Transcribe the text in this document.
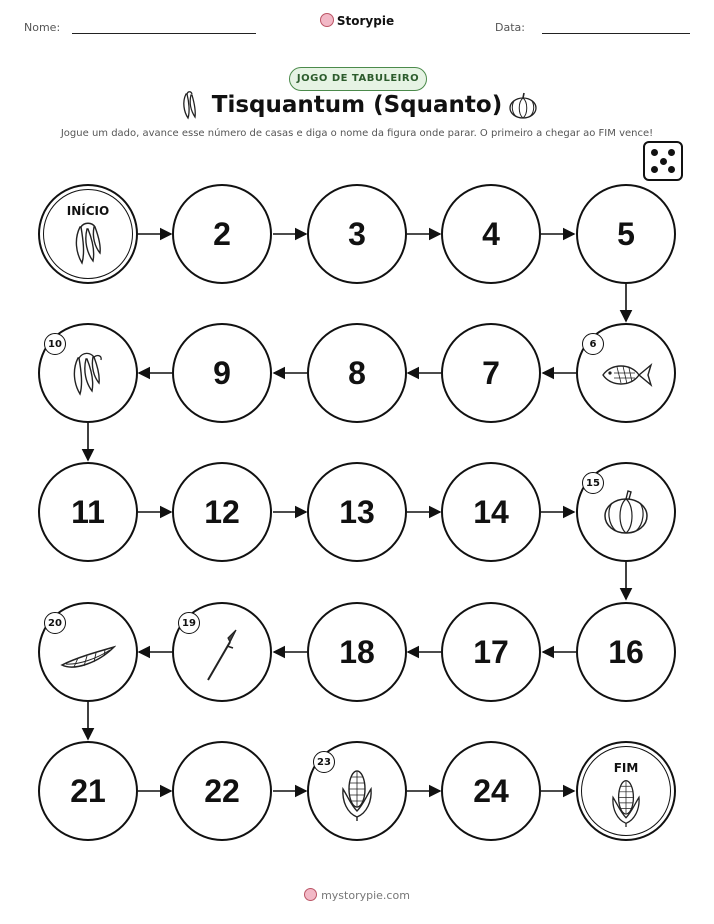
Nome:	Storypie	Data:
JOGO DE TABULEIRO
Tisquantum (Squanto)
Jogue um dado, avance esse número de casas e diga o nome da figura onde parar. O primeiro a chegar ao FIM vence!
INÍCIO
2	3	4	5
10
9	8	7
6
11	12	13	14
15
20	19
18	17	16
21	22
23
24
FIM
mystorypie.com
